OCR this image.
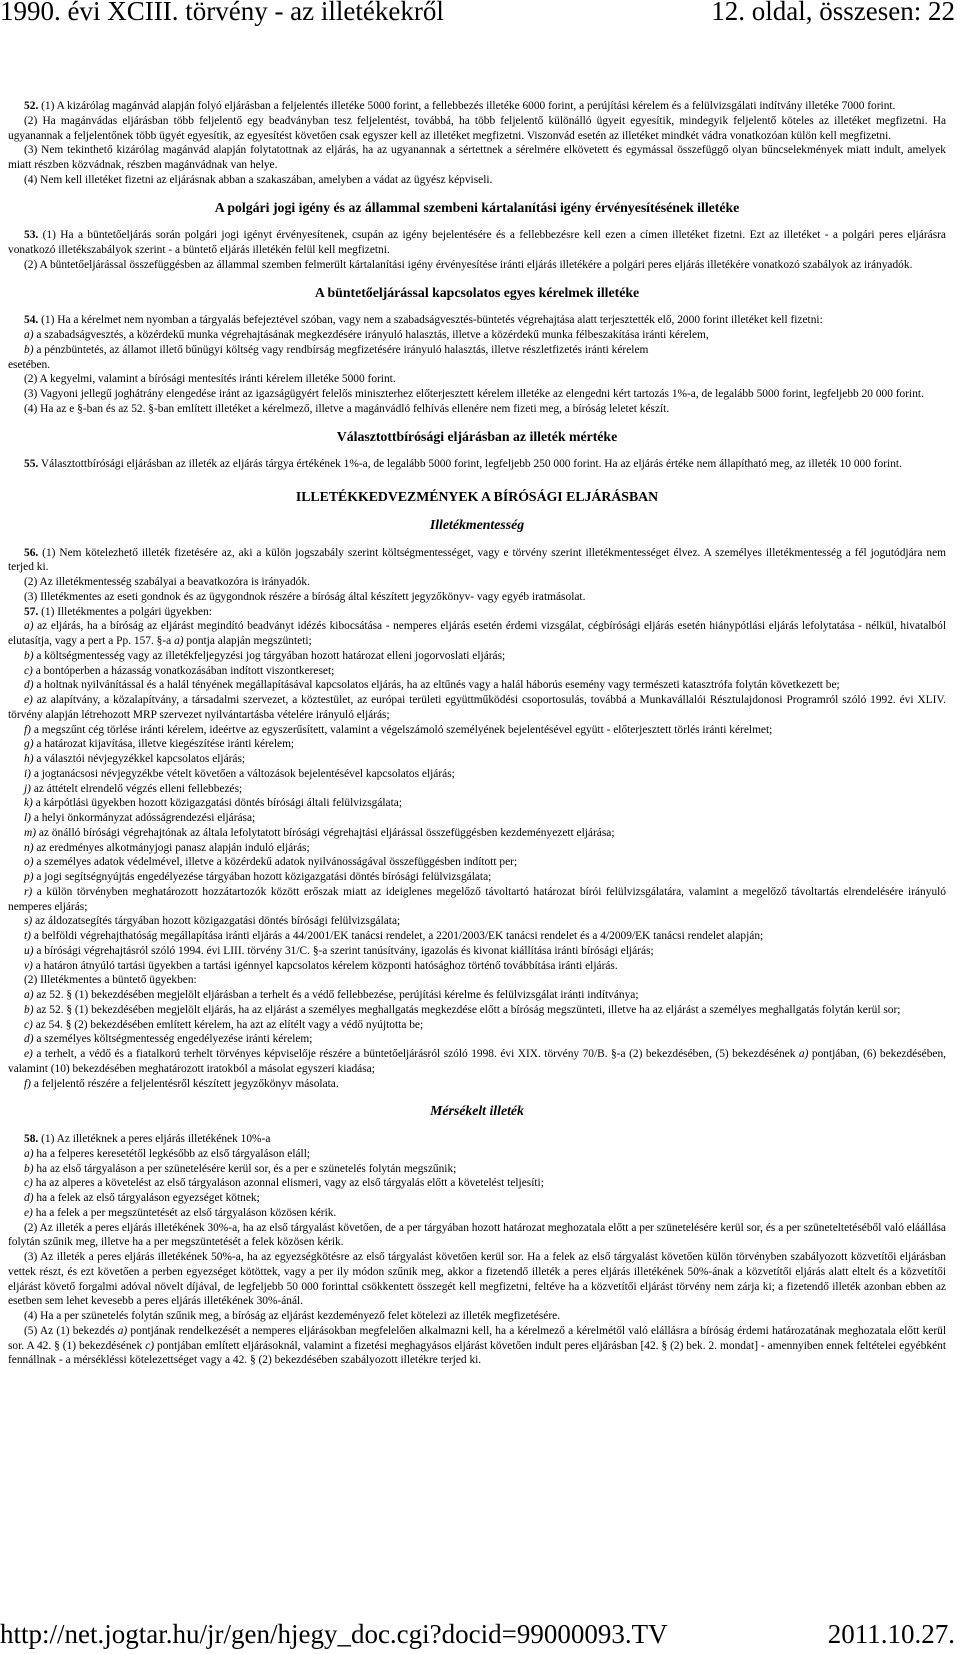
1990. évi XCIII. törvény - az illetékekről	12. oldal, összesen: 22

52. (1) A kizárólag magánvád alapján folyó eljárásban a feljelentés illetéke 5000 forint, a fellebbezés illetéke 6000 forint, a perújítási kérelem és a felülvizsgálati indítvány illetéke 7000 forint.

(2) Ha magánvádas eljárásban több feljelentő egy beadványban tesz feljelentést, továbbá, ha több feljelentő különálló ügyeit egyesítik, mindegyik feljelentő köteles az illetéket megfizetni. Ha ugyanannak a feljelentőnek több ügyét egyesítik, az egyesítést követően csak egyszer kell az illetéket megfizetni. Viszonvád esetén az illetéket mindkét vádra vonatkozóan külön kell megfizetni.

(3) Nem tekinthető kizárólag magánvád alapján folytatottnak az eljárás, ha az ugyanannak a sértettnek a sérelmére elkövetett és egymással összefüggő olyan bűncselekmények miatt indult, amelyek miatt részben közvádnak, részben magánvádnak van helye.

(4) Nem kell illetéket fizetni az eljárásnak abban a szakaszában, amelyben a vádat az ügyész képviseli.

A polgári jogi igény és az állammal szembeni kártalanítási igény érvényesítésének illetéke

53. (1) Ha a büntetőeljárás során polgári jogi igényt érvényesítenek, csupán az igény bejelentésére és a fellebbezésre kell ezen a címen illetéket fizetni. Ezt az illetéket - a polgári peres eljárásra vonatkozó illetékszabályok szerint - a büntető eljárás illetékén felül kell megfizetni.

(2) A büntetőeljárással összefüggésben az állammal szemben felmerült kártalanítási igény érvényesítése iránti eljárás illetékére a polgári peres eljárás illetékére vonatkozó szabályok az irányadók.

A büntetőeljárással kapcsolatos egyes kérelmek illetéke

54. (1) Ha a kérelmet nem nyomban a tárgyalás befejeztével szóban, vagy nem a szabadságvesztés-büntetés végrehajtása alatt terjesztették elő, 2000 forint illetéket kell fizetni:

a) a szabadságvesztés, a közérdekű munka végrehajtásának megkezdésére irányuló halasztás, illetve a közérdekű munka félbeszakítása iránti kérelem,

b) a pénzbüntetés, az államot illető bűnügyi költség vagy rendbírság megfizetésére irányuló halasztás, illetve részletfizetés iránti kérelem

esetében.

(2) A kegyelmi, valamint a bírósági mentesítés iránti kérelem illetéke 5000 forint.

(3) Vagyoni jellegű joghátrány elengedése iránt az igazságügyért felelős miniszterhez előterjesztett kérelem illetéke az elengedni kért tartozás 1%-a, de legalább 5000 forint, legfeljebb 20 000 forint.

(4) Ha az e §-ban és az 52. §-ban említett illetéket a kérelmező, illetve a magánvádló felhívás ellenére nem fizeti meg, a bíróság leletet készít.

Választottbírósági eljárásban az illeték mértéke

55. Választottbírósági eljárásban az illeték az eljárás tárgya értékének 1%-a, de legalább 5000 forint, legfeljebb 250 000 forint. Ha az eljárás értéke nem állapítható meg, az illeték 10 000 forint.

ILLETÉKKEDVEZMÉNYEK A BÍRÓSÁGI ELJÁRÁSBAN
Illetékmentesség

56. (1) Nem kötelezhető illeték fizetésére az, aki a külön jogszabály szerint költségmentességet, vagy e törvény szerint illetékmentességet élvez. A személyes illetékmentesség a fél jogutódjára nem terjed ki.

(2) Az illetékmentesség szabályai a beavatkozóra is irányadók.

(3) Illetékmentes az eseti gondnok és az ügygondnok részére a bíróság által készített jegyzőkönyv- vagy egyéb iratmásolat.

57. (1) Illetékmentes a polgári ügyekben:

a) az eljárás, ha a bíróság az eljárást megindító beadványt idézés kibocsátása - nemperes eljárás esetén érdemi vizsgálat, cégbírósági eljárás esetén hiánypótlási eljárás lefolytatása - nélkül, hivatalból elutasítja, vagy a pert a Pp. 157. §-a a) pontja alapján megszünteti;

b) a költségmentesség vagy az illetékfeljegyzési jog tárgyában hozott határozat elleni jogorvoslati eljárás;

c) a bontóperben a házasság vonatkozásában indított viszontkereset;

d) a holtnak nyilvánítással és a halál tényének megállapításával kapcsolatos eljárás, ha az eltűnés vagy a halál háborús esemény vagy természeti katasztrófa folytán következett be;

e) az alapítvány, a közalapítvány, a társadalmi szervezet, a köztestület, az európai területi együttműködési csoportosulás, továbbá a Munkavállalói Résztulajdonosi Programról szóló 1992. évi XLIV. törvény alapján létrehozott MRP szervezet nyilvántartásba vételére irányuló eljárás;

f) a megszűnt cég törlése iránti kérelem, ideértve az egyszerűsített, valamint a végelszámoló személyének bejelentésével együtt - előterjesztett törlés iránti kérelmet;

g) a határozat kijavítása, illetve kiegészítése iránti kérelem;

h) a választói névjegyzékkel kapcsolatos eljárás;

i) a jogtanácsosi névjegyzékbe vételt követően a változások bejelentésével kapcsolatos eljárás;

j) az áttételt elrendelő végzés elleni fellebbezés;

k) a kárpótlási ügyekben hozott közigazgatási döntés bírósági általi felülvizsgálata;

l) a helyi önkormányzat adósságrendezési eljárása;

m) az önálló bírósági végrehajtónak az általa lefolytatott bírósági végrehajtási eljárással összefüggésben kezdeményezett eljárása;

n) az eredményes alkotmányjogi panasz alapján induló eljárás;

o) a személyes adatok védelmével, illetve a közérdekű adatok nyilvánosságával összefüggésben indított per;

p) a jogi segítségnyújtás engedélyezése tárgyában hozott közigazgatási döntés bírósági felülvizsgálata;

r) a külön törvényben meghatározott hozzátartozók között erőszak miatt az ideiglenes megelőző távoltartó határozat bírói felülvizsgálatára, valamint a megelőző távoltartás elrendelésére irányuló nemperes eljárás;

s) az áldozatsegítés tárgyában hozott közigazgatási döntés bírósági felülvizsgálata;

t) a belföldi végrehajthatóság megállapítása iránti eljárás a 44/2001/EK tanácsi rendelet, a 2201/2003/EK tanácsi rendelet és a 4/2009/EK tanácsi rendelet alapján;

u) a bírósági végrehajtásról szóló 1994. évi LIII. törvény 31/C. §-a szerint tanúsítvány, igazolás és kivonat kiállítása iránti bírósági eljárás;

v) a határon átnyúló tartási ügyekben a tartási igénnyel kapcsolatos kérelem központi hatósághoz történő továbbítása iránti eljárás.

(2) Illetékmentes a büntető ügyekben:

a) az 52. § (1) bekezdésében megjelölt eljárásban a terhelt és a védő fellebbezése, perújítási kérelme és felülvizsgálat iránti indítványa;

b) az 52. § (1) bekezdésében megjelölt eljárás, ha az eljárást a személyes meghallgatás megkezdése előtt a bíróság megszünteti, illetve ha az eljárást a személyes meghallgatás folytán kerül sor;

c) az 54. § (2) bekezdésében említett kérelem, ha azt az elítélt vagy a védő nyújtotta be;

d) a személyes költségmentesség engedélyezése iránti kérelem;

e) a terhelt, a védő és a fiatalkorú terhelt törvényes képviselője részére a büntetőeljárásról szóló 1998. évi XIX. törvény 70/B. §-a (2) bekezdésében, (5) bekezdésének a) pontjában, (6) bekezdésében, valamint (10) bekezdésében meghatározott iratokból a másolat egyszeri kiadása;

f) a feljelentő részére a feljelentésről készített jegyzőkönyv másolata.

Mérsékelt illeték

58. (1) Az illetéknek a peres eljárás illetékének 10%-a

a) ha a felperes keresetétől legkésőbb az első tárgyaláson eláll;

b) ha az első tárgyaláson a per szünetelésére kerül sor, és a per e szünetelés folytán megszűnik;

c) ha az alperes a követelést az első tárgyaláson azonnal elismeri, vagy az első tárgyalás előtt a követelést teljesíti;

d) ha a felek az első tárgyaláson egyezséget kötnek;

e) ha a felek a per megszüntetését az első tárgyaláson közösen kérik.

(2) Az illeték a peres eljárás illetékének 30%-a, ha az első tárgyalást követően, de a per tárgyában hozott határozat meghozatala előtt a per szünetelésére kerül sor, és a per szüneteltetéséből való eláállása folytán szűnik meg, illetve ha a per megszüntetését a felek közösen kérik.

(3) Az illeték a peres eljárás illetékének 50%-a, ha az egyezségkötésre az első tárgyalást követően kerül sor. Ha a felek az első tárgyalást követően külön törvényben szabályozott közvetítői eljárásban vettek részt, és ezt követően a perben egyezséget kötöttek, vagy a per ily módon szűnik meg, akkor a fizetendő illeték a peres eljárás illetékének 50%-ának a közvetítői eljárás alatt eltelt és a közvetítői eljárást követő forgalmi adóval növelt díjával, de legfeljebb 50 000 forinttal csökkentett összegét kell megfizetni, feltéve ha a közvetítői eljárást törvény nem zárja ki; a fizetendő illeték azonban ebben az esetben sem lehet kevesebb a peres eljárás illetékének 30%-ánál.

(4) Ha a per szünetelés folytán szűnik meg, a bíróság az eljárást kezdeményező felet kötelezi az illeték megfizetésére.

(5) Az (1) bekezdés a) pontjának rendelkezését a nemperes eljárásokban megfelelően alkalmazni kell, ha a kérelmező a kérelmétől való elállásra a bíróság érdemi határozatának meghozatala előtt kerül sor. A 42. § (1) bekezdésének c) pontjában említett eljárásoknál, valamint a fizetési meghagyásos eljárást követően indult peres eljárásban [42. § (2) bek. 2. mondat] - amennyiben ennek feltételei egyébként fennállnak - a mérsékléssi kötelezettséget vagy a 42. § (2) bekezdésében szabályozott illetékre terjed ki.

http://net.jogtar.hu/jr/gen/hjegy_doc.cgi?docid=99000093.TV	2011.10.27.
